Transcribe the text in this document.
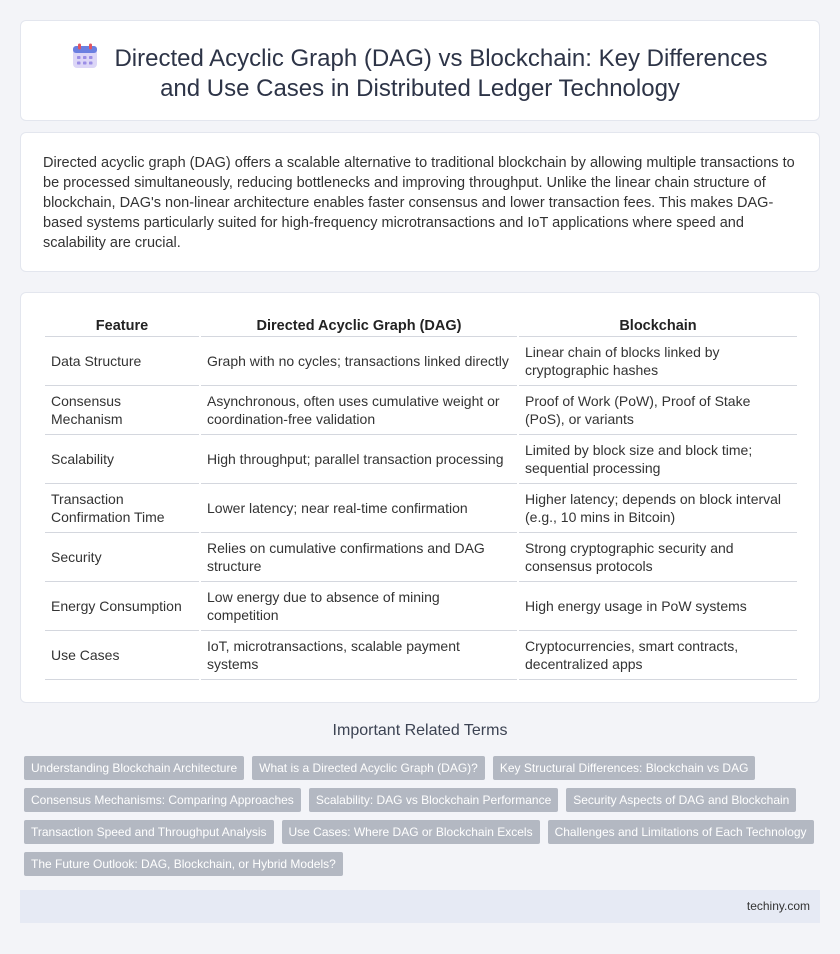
Directed Acyclic Graph (DAG) vs Blockchain: Key Differences and Use Cases in Distributed Ledger Technology

Directed acyclic graph (DAG) offers a scalable alternative to traditional blockchain by allowing multiple transactions to be processed simultaneously, reducing bottlenecks and improving throughput. Unlike the linear chain structure of blockchain, DAG's non-linear architecture enables faster consensus and lower transaction fees. This makes DAG-based systems particularly suited for high-frequency microtransactions and IoT applications where speed and scalability are crucial.

Feature	Directed Acyclic Graph (DAG)	Blockchain
Data Structure	Graph with no cycles; transactions linked directly	Linear chain of blocks linked by cryptographic hashes
Consensus Mechanism	Asynchronous, often uses cumulative weight or coordination-free validation	Proof of Work (PoW), Proof of Stake (PoS), or variants
Scalability	High throughput; parallel transaction processing	Limited by block size and block time; sequential processing
Transaction Confirmation Time	Lower latency; near real-time confirmation	Higher latency; depends on block interval (e.g., 10 mins in Bitcoin)
Security	Relies on cumulative confirmations and DAG structure	Strong cryptographic security and consensus protocols
Energy Consumption	Low energy due to absence of mining competition	High energy usage in PoW systems
Use Cases	IoT, microtransactions, scalable payment systems	Cryptocurrencies, smart contracts, decentralized apps
Important Related Terms
Understanding Blockchain Architecture	What is a Directed Acyclic Graph (DAG)?	Key Structural Differences: Blockchain vs DAG
Consensus Mechanisms: Comparing Approaches	Scalability: DAG vs Blockchain Performance	Security Aspects of DAG and Blockchain
Transaction Speed and Throughput Analysis	Use Cases: Where DAG or Blockchain Excels	Challenges and Limitations of Each Technology
The Future Outlook: DAG, Blockchain, or Hybrid Models?
techiny.com
